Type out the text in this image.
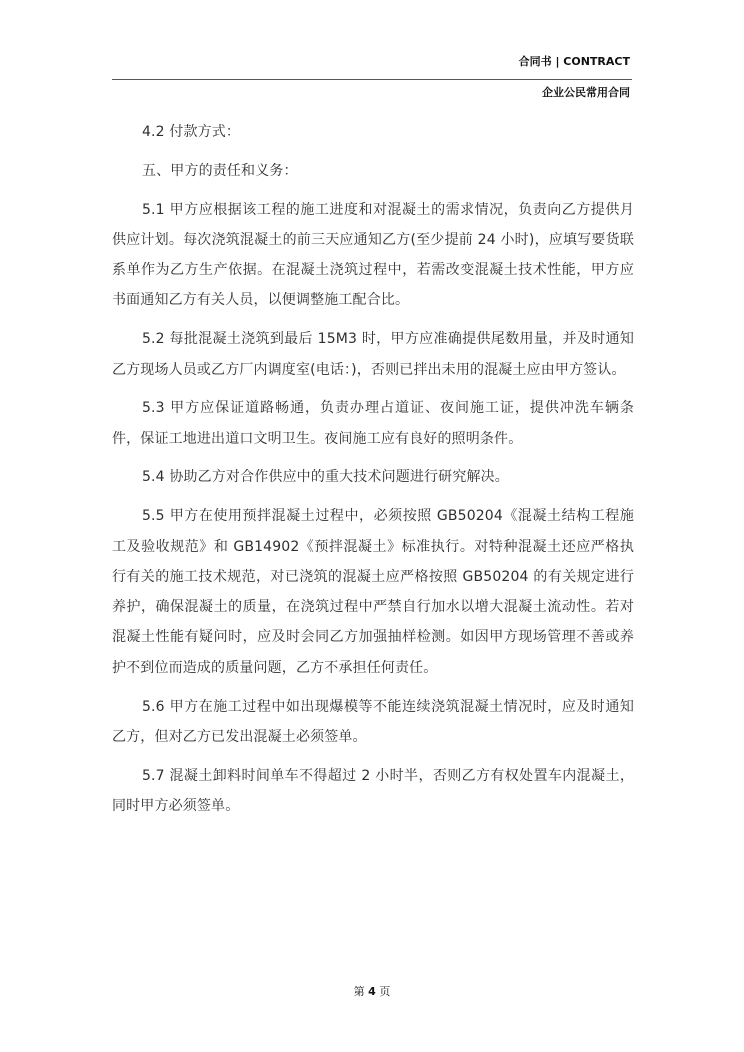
合同书 | CONTRACT
企业公民常用合同

4.2 付款方式：

五、甲方的责任和义务：

5.1 甲方应根据该工程的施工进度和对混凝土的需求情况，负责向乙方提供月供应计划。每次浇筑混凝土的前三天应通知乙方(至少提前 24 小时)，应填写要货联系单作为乙方生产依据。在混凝土浇筑过程中，若需改变混凝土技术性能，甲方应书面通知乙方有关人员，以便调整施工配合比。

5.2 每批混凝土浇筑到最后 15M3 时，甲方应准确提供尾数用量，并及时通知乙方现场人员或乙方厂内调度室(电话：)，否则已拌出未用的混凝土应由甲方签认。

5.3 甲方应保证道路畅通，负责办理占道证、夜间施工证，提供冲洗车辆条件，保证工地进出道口文明卫生。夜间施工应有良好的照明条件。

5.4 协助乙方对合作供应中的重大技术问题进行研究解决。

5.5 甲方在使用预拌混凝土过程中，必须按照 GB50204《混凝土结构工程施工及验收规范》和 GB14902《预拌混凝土》标准执行。对特种混凝土还应严格执行有关的施工技术规范，对已浇筑的混凝土应严格按照 GB50204 的有关规定进行养护，确保混凝土的质量，在浇筑过程中严禁自行加水以增大混凝土流动性。若对混凝土性能有疑问时，应及时会同乙方加强抽样检测。如因甲方现场管理不善或养护不到位而造成的质量问题，乙方不承担任何责任。

5.6 甲方在施工过程中如出现爆模等不能连续浇筑混凝土情况时，应及时通知乙方，但对乙方已发出混凝土必须签单。

5.7 混凝土卸料时间单车不得超过 2 小时半，否则乙方有权处置车内混凝土，同时甲方必须签单。

第 4 页
